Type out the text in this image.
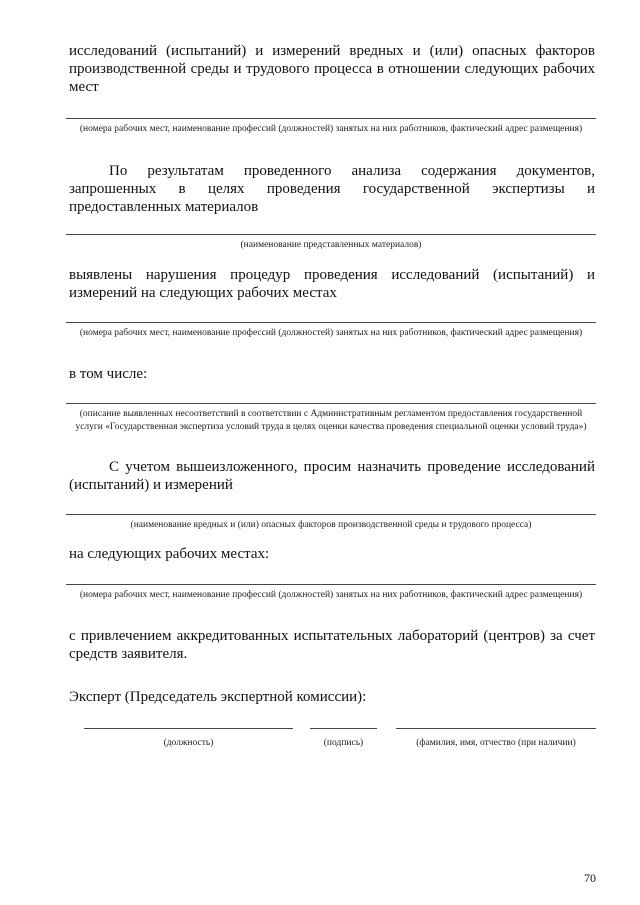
исследований (испытаний) и измерений вредных и (или) опасных факторов производственной среды и трудового процесса в отношении следующих рабочих мест
(номера рабочих мест, наименование профессий (должностей) занятых на них работников, фактический адрес размещения)
По результатам проведенного анализа содержания документов, запрошенных в целях проведения государственной экспертизы и предоставленных материалов
(наименование представленных материалов)
выявлены нарушения процедур проведения исследований (испытаний) и измерений на следующих рабочих местах
(номера рабочих мест, наименование профессий (должностей) занятых на них работников, фактический адрес размещения)
в том числе:
(описание выявленных несоответствий в соответствии с Административным регламентом предоставления государственной услуги «Государственная экспертиза условий труда в целях оценки качества проведения специальной оценки условий труда»)
С учетом вышеизложенного, просим назначить проведение исследований (испытаний) и измерений
(наименование вредных и (или) опасных факторов производственной среды и трудового процесса)
на следующих рабочих местах:
(номера рабочих мест, наименование профессий (должностей) занятых на них работников, фактический адрес размещения)
с привлечением аккредитованных испытательных лабораторий (центров) за счет средств заявителя.
Эксперт (Председатель экспертной комиссии):
(должность)	(подпись)	(фамилия, имя, отчество (при наличии)
70
